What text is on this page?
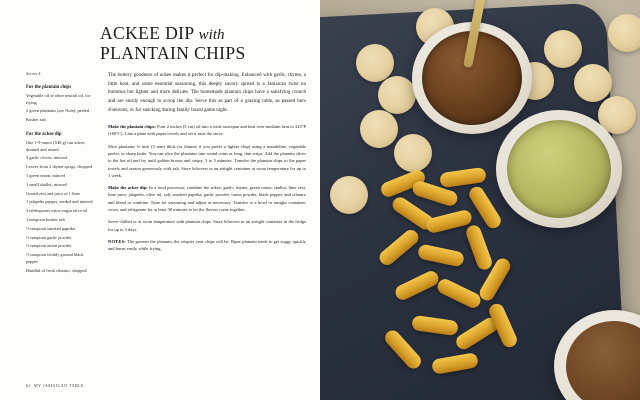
ACKEE DIP with
PLANTAIN CHIPS
Serves 4
For the plantain chips

Vegetable oil or other neutral oil, for frying

2 green plantains (see Note), peeled

Kosher salt

For the ackee dip

One 1-9-ounce (540 g) can ackee, drained and rinsed

3 garlic cloves, minced

Leaves from 2 thyme sprigs, chopped

1 green onion, minced

1 small shallot, minced

Grated zest and juice of 1 lime

1 jalapeño pepper, seeded and minced

3 tablespoons extra-virgin olive oil

1 teaspoon kosher salt

½ teaspoon smoked paprika

½ teaspoon garlic powder

½ teaspoon onion powder

½ teaspoon freshly ground black pepper

Handful of fresh cilantro, chopped

The buttery goodness of ackee makes it perfect for dip-making. Enhanced with garlic, thyme, a little heat, and some essential seasoning, this deeply savory spread is a Jamaican twist on hummus but lighter and more delicate. The homemade plantain chips have a satisfying crunch and are sturdy enough to scoop the dip. Serve this as part of a grazing table, as passed hors d'oeuvres, or for snacking during family board game night.

Make the plantain chips: Pour 2 inches (5 cm) oil into a wide saucepan and heat over medium heat to 325°F (160°C). Line a plate with paper towels and set it near the stove.

Slice plantains ⅛ inch (3 mm) thick (or thinner if you prefer a lighter chip) using a mandoline, vegetable peeler, or sharp knife. You can slice the plantains into round coins or long, thin strips. Add the plantain slices to the hot oil and fry until golden brown and crispy, 3 to 5 minutes. Transfer the plantain chips to the paper towels and season generously with salt. Store leftovers in an airtight container at room temperature for up to 1 week.

Make the ackee dip: In a food processor, combine the ackee, garlic, thyme, green onion, shallot, lime zest, lime juice, jalapeño, olive oil, salt, smoked paprika, garlic powder, onion powder, black pepper, and cilantro and blend to combine. Taste for seasoning and adjust as necessary. Transfer to a bowl or airtight container, cover, and refrigerate for at least 30 minutes to let the flavors come together.

Serve chilled or at room temperature with plantain chips. Store leftovers in an airtight container in the fridge for up to 3 days.

NOTES: The greener the plantain, the crispier your chips will be. Riper plantain tends to get soggy quickly and burns easily while frying.

62 MY JAMAICAN TABLE
